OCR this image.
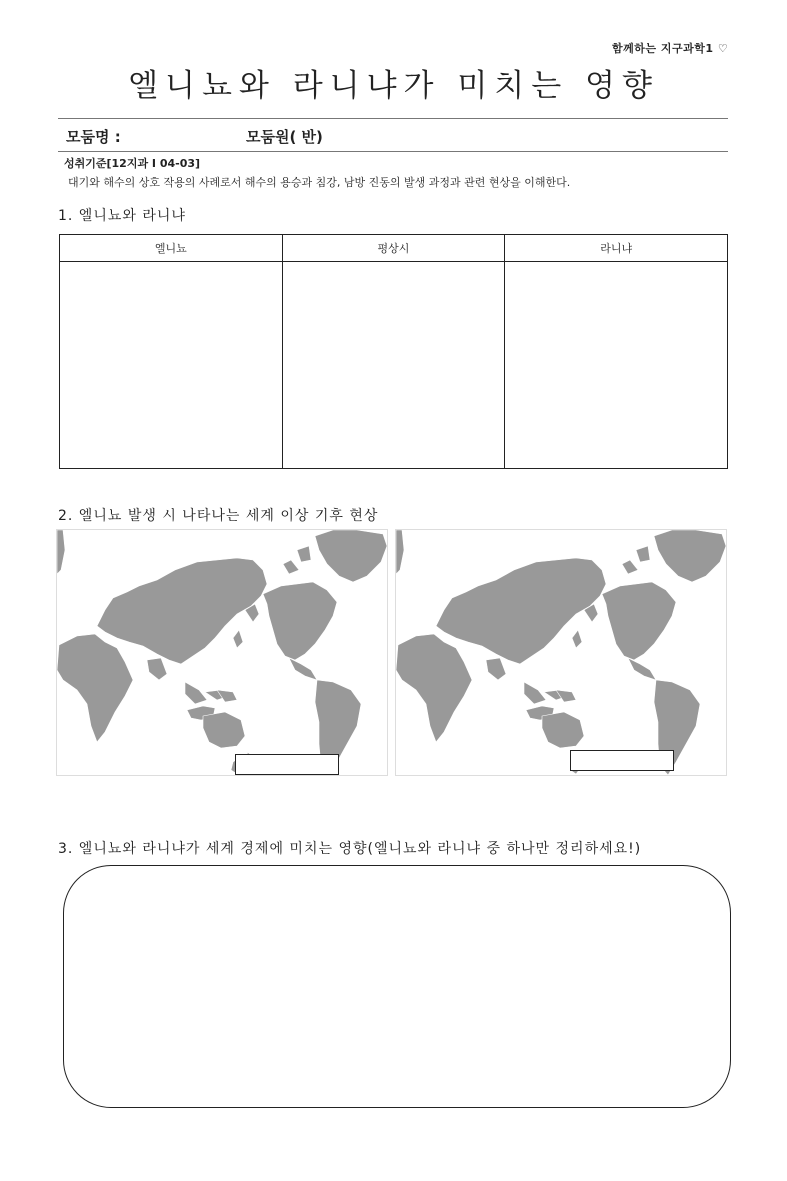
함께하는 지구과학1 ♡
엘니뇨와 라니냐가 미치는 영향
모둠명 :	모둠원( 반)
성취기준[12지과 I 04-03]
대기와 해수의 상호 작용의 사례로서 해수의 용승과 침강, 남방 진동의 발생 과정과 관련 현상을 이해한다.
1. 엘니뇨와 라니냐
엘니뇨	평상시	라니냐

2. 엘니뇨 발생 시 나타나는 세계 이상 기후 현상
3. 엘니뇨와 라니냐가 세계 경제에 미치는 영향(엘니뇨와 라니냐 중 하나만 정리하세요!)
